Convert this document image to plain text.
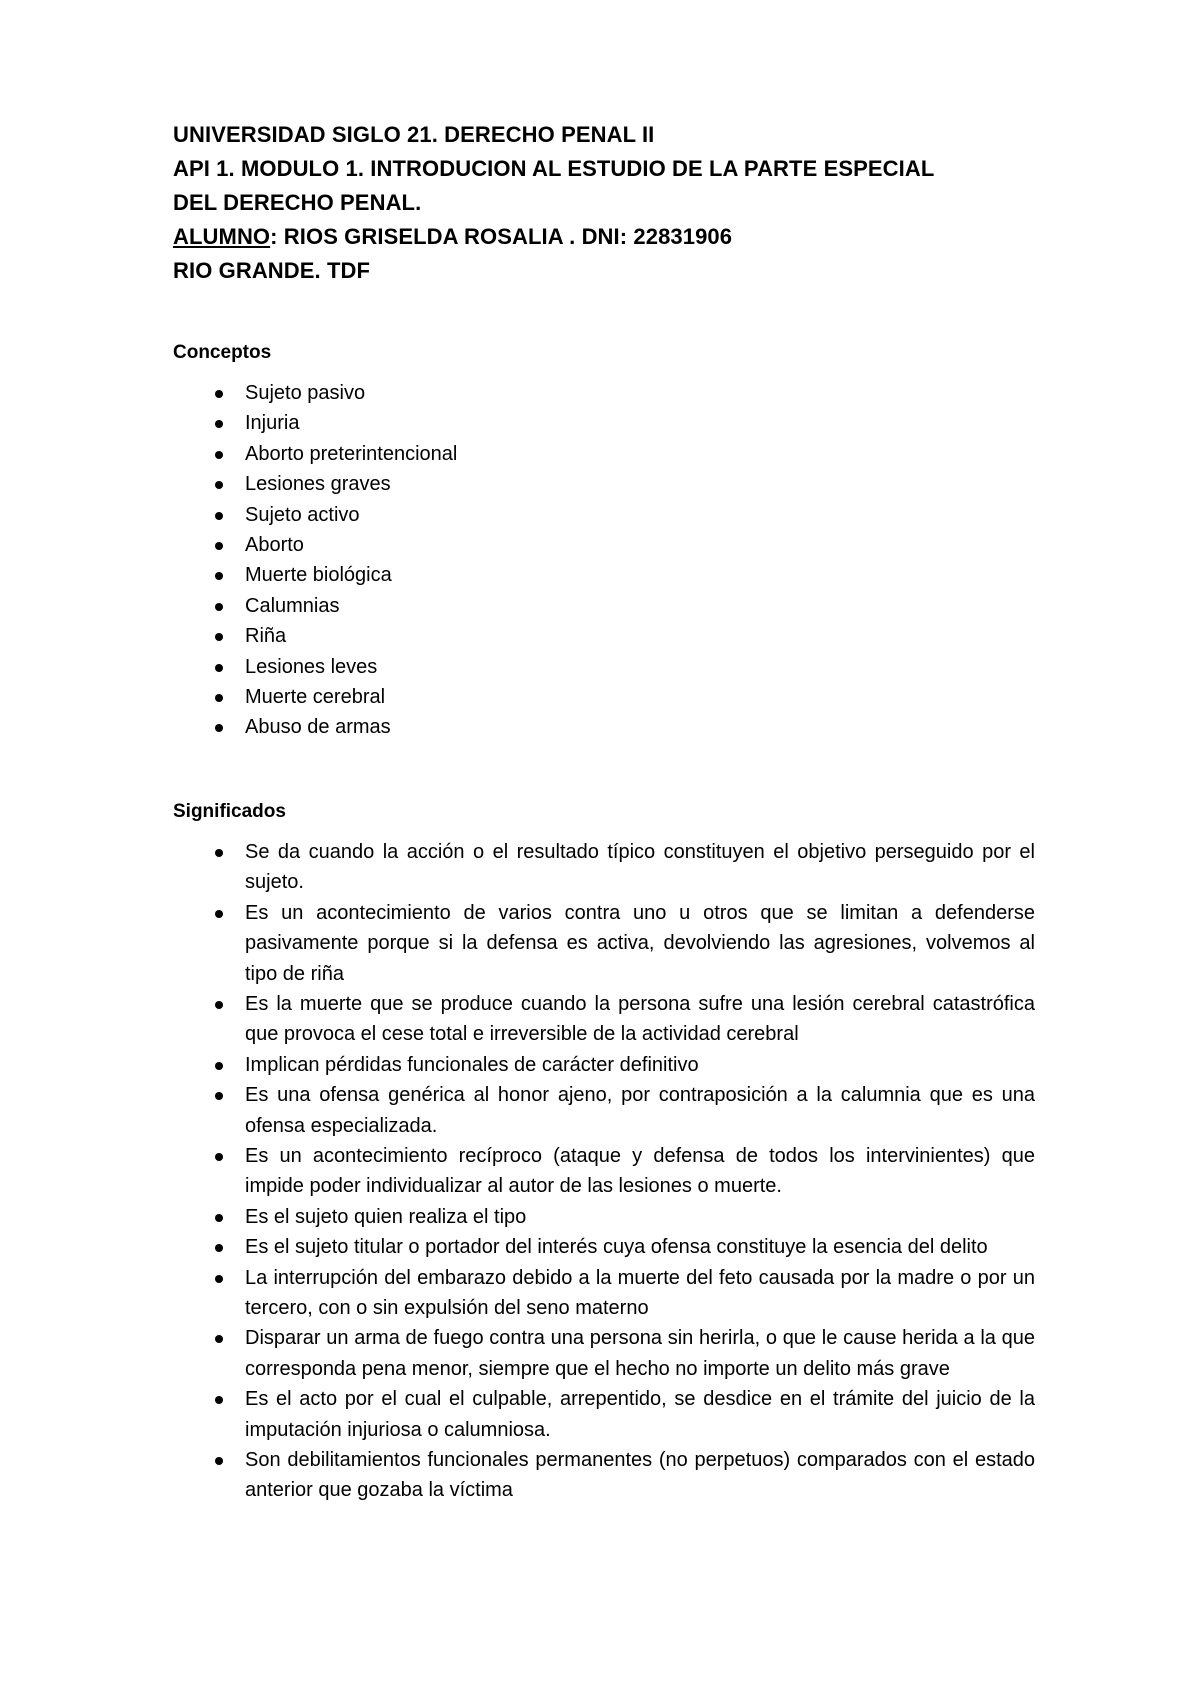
UNIVERSIDAD SIGLO 21. DERECHO PENAL II
API 1. MODULO 1. INTRODUCION AL ESTUDIO DE LA PARTE ESPECIAL
DEL DERECHO PENAL.
ALUMNO: RIOS GRISELDA ROSALIA . DNI: 22831906
RIO GRANDE. TDF
Conceptos
Sujeto pasivo
Injuria
Aborto preterintencional
Lesiones graves
Sujeto activo
Aborto
Muerte biológica
Calumnias
Riña
Lesiones leves
Muerte cerebral
Abuso de armas
Significados
Se da cuando la acción o el resultado típico constituyen el objetivo perseguido por el sujeto.
Es un acontecimiento de varios contra uno u otros que se limitan a defenderse pasivamente porque si la defensa es activa, devolviendo las agresiones, volvemos al tipo de riña
Es la muerte que se produce cuando la persona sufre una lesión cerebral catastrófica que provoca el cese total e irreversible de la actividad cerebral
Implican pérdidas funcionales de carácter definitivo
Es una ofensa genérica al honor ajeno, por contraposición a la calumnia que es una ofensa especializada.
Es un acontecimiento recíproco (ataque y defensa de todos los intervinientes) que impide poder individualizar al autor de las lesiones o muerte.
Es el sujeto quien realiza el tipo
Es el sujeto titular o portador del interés cuya ofensa constituye la esencia del delito
La interrupción del embarazo debido a la muerte del feto causada por la madre o por un tercero, con o sin expulsión del seno materno
Disparar un arma de fuego contra una persona sin herirla, o que le cause herida a la que corresponda pena menor, siempre que el hecho no importe un delito más grave
Es el acto por el cual el culpable, arrepentido, se desdice en el trámite del juicio de la imputación injuriosa o calumniosa.
Son debilitamientos funcionales permanentes (no perpetuos) comparados con el estado anterior que gozaba la víctima
